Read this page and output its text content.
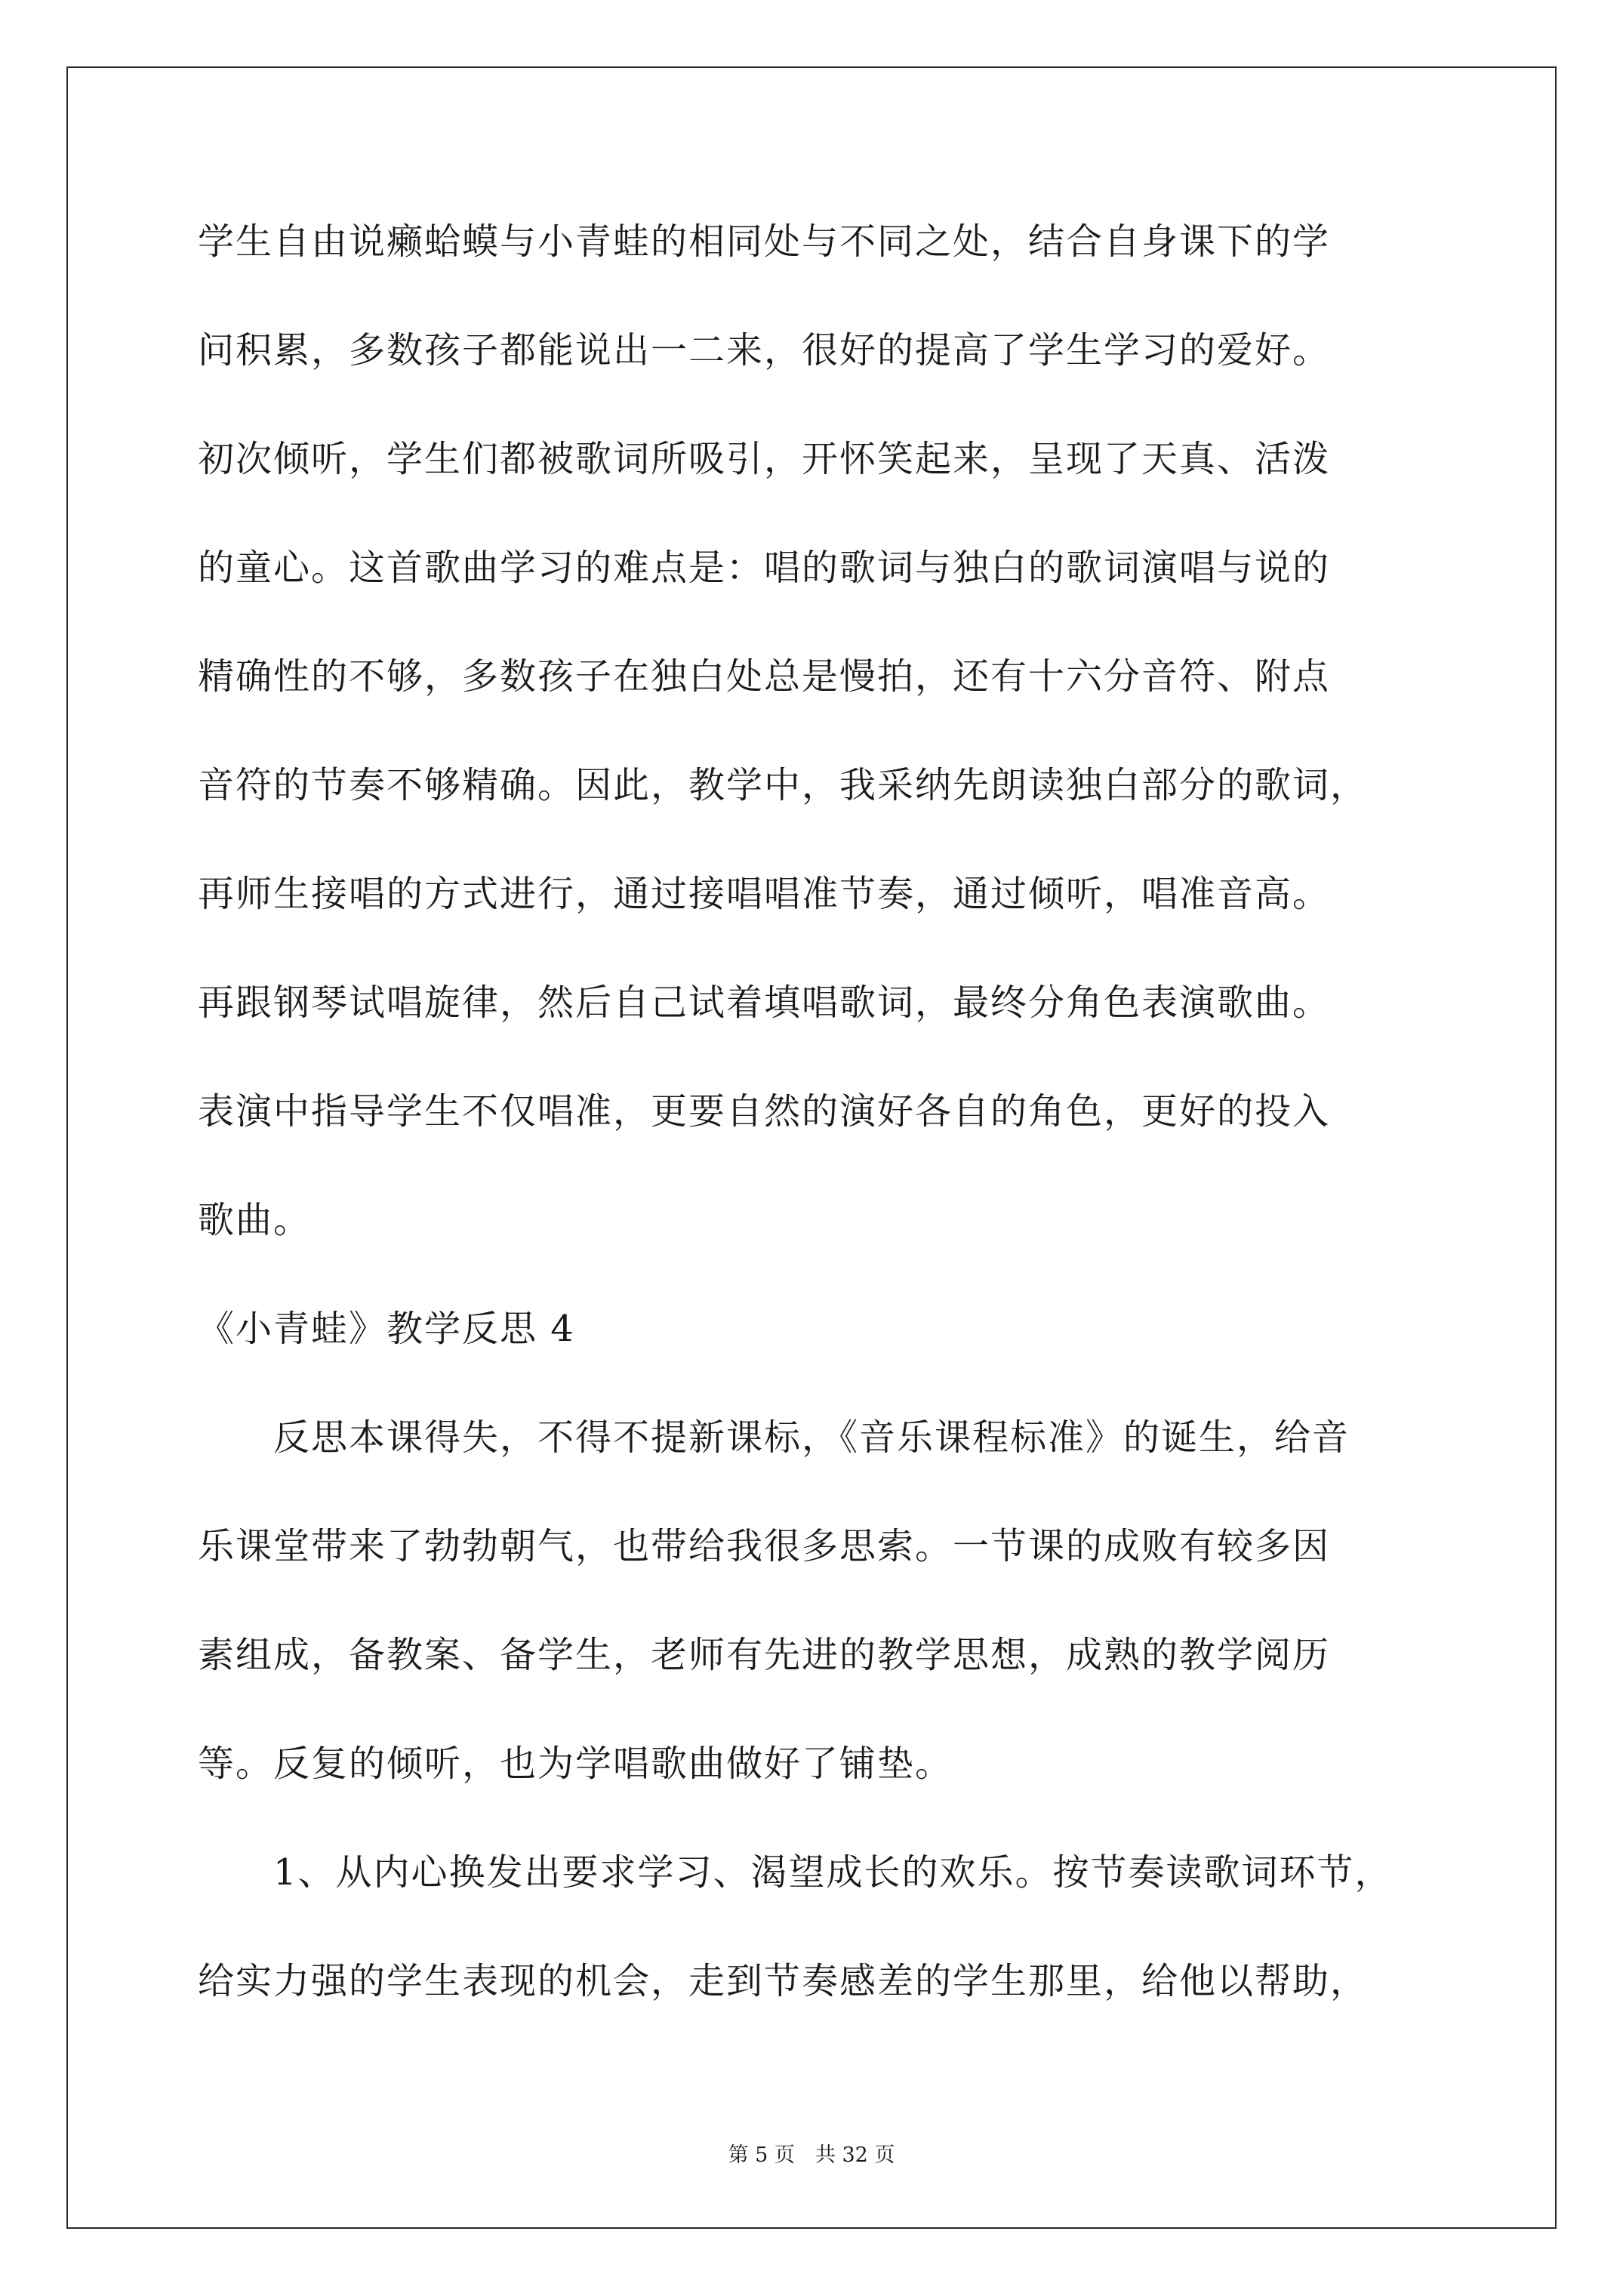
学生自由说癞蛤蟆与小青蛙的相同处与不同之处，结合自身课下的学
问积累，多数孩子都能说出一二来，很好的提高了学生学习的爱好。
初次倾听，学生们都被歌词所吸引，开怀笑起来，呈现了天真、活泼
的童心。这首歌曲学习的难点是：唱的歌词与独白的歌词演唱与说的
精确性的不够，多数孩子在独白处总是慢拍，还有十六分音符、附点
音符的节奏不够精确。因此，教学中，我采纳先朗读独白部分的歌词，
再师生接唱的方式进行，通过接唱唱准节奏，通过倾听，唱准音高。
再跟钢琴试唱旋律，然后自己试着填唱歌词，最终分角色表演歌曲。
表演中指导学生不仅唱准，更要自然的演好各自的角色，更好的投入
歌曲。
《小青蛙》教学反思 4
　　反思本课得失，不得不提新课标，《音乐课程标准》的诞生，给音
乐课堂带来了勃勃朝气，也带给我很多思索。一节课的成败有较多因
素组成，备教案、备学生，老师有先进的教学思想，成熟的教学阅历
等。反复的倾听，也为学唱歌曲做好了铺垫。
　　1、从内心换发出要求学习、渴望成长的欢乐。按节奏读歌词环节，
给实力强的学生表现的机会，走到节奏感差的学生那里，给他以帮助，
第 5 页　共 32 页
